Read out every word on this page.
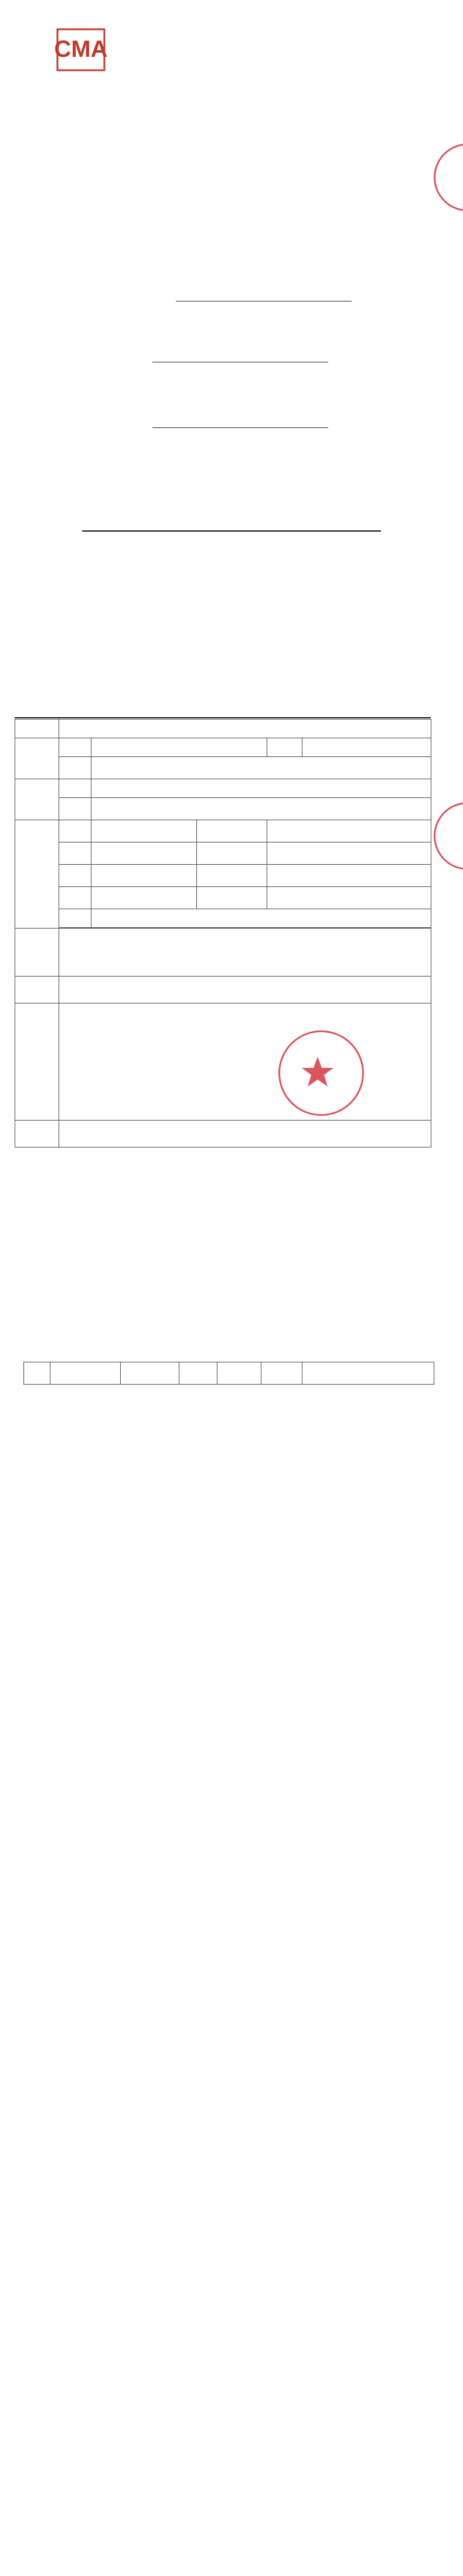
CMA
